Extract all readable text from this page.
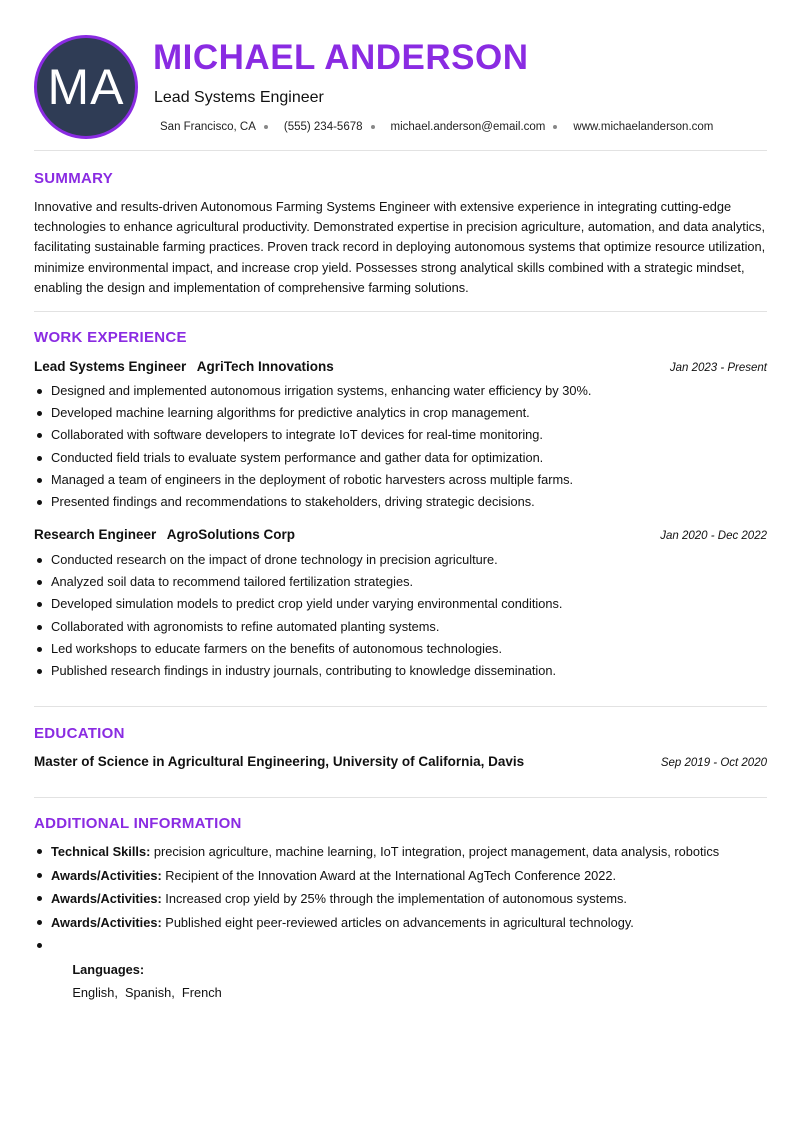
MA
MICHAEL ANDERSON
Lead Systems Engineer
San Francisco, CA (555) 234-5678 michael.anderson@email.com www.michaelanderson.com
SUMMARY
Innovative and results-driven Autonomous Farming Systems Engineer with extensive experience in integrating cutting-edge technologies to enhance agricultural productivity. Demonstrated expertise in precision agriculture, automation, and data analytics, facilitating sustainable farming practices. Proven track record in deploying autonomous systems that optimize resource utilization, minimize environmental impact, and increase crop yield. Possesses strong analytical skills combined with a strategic mindset, enabling the design and implementation of comprehensive farming solutions.
WORK EXPERIENCE
Lead Systems Engineer AgriTech Innovations	Jan 2023 - Present
Designed and implemented autonomous irrigation systems, enhancing water efficiency by 30%.
Developed machine learning algorithms for predictive analytics in crop management.
Collaborated with software developers to integrate IoT devices for real-time monitoring.
Conducted field trials to evaluate system performance and gather data for optimization.
Managed a team of engineers in the deployment of robotic harvesters across multiple farms.
Presented findings and recommendations to stakeholders, driving strategic decisions.
Research Engineer AgroSolutions Corp	Jan 2020 - Dec 2022
Conducted research on the impact of drone technology in precision agriculture.
Analyzed soil data to recommend tailored fertilization strategies.
Developed simulation models to predict crop yield under varying environmental conditions.
Collaborated with agronomists to refine automated planting systems.
Led workshops to educate farmers on the benefits of autonomous technologies.
Published research findings in industry journals, contributing to knowledge dissemination.
EDUCATION
Master of Science in Agricultural Engineering, University of California, Davis	Sep 2019 - Oct 2020
ADDITIONAL INFORMATION
Technical Skills: precision agriculture, machine learning, IoT integration, project management, data analysis, robotics
Awards/Activities: Recipient of the Innovation Award at the International AgTech Conference 2022.
Awards/Activities: Increased crop yield by 25% through the implementation of autonomous systems.
Awards/Activities: Published eight peer-reviewed articles on advancements in agricultural technology.

Languages:
English,  Spanish,  French
